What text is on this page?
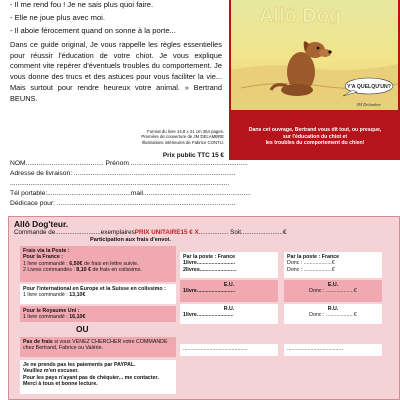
- Il me rend fou ! Je ne sais plus quoi faire.
- Elle ne joue plus avec moi.
- Il aboie férocement quand on sonne à la porte...
Dans ce guide original, Je vous rappelle les règles essentielles pour réussir l'éducation de votre chiot. Je vous explique comment vite repérer d'éventuels troubles du comportement. Je vous donne des trucs et des astuces pour vous faciliter la vie... Mais surtout pour rendre heureux votre animal. » Bertrand BEUNS.
Format du livre 14,8 x 21 cm 354 pages.
Première de couverture de JM DELAMBRE
Illustrations intérieures de Fabrice CONTU.
Prix public TTC 15 €
Allô Dog
Y'A QUELQU'UN?
JM Delambre
Dans cet ouvrage, Bertrand vous dit tout, ou presque,
sur l'éducation du chiot et
les troubles du comportement du chien!
NOM.......................................... Prénom ...............................................................
Adresse de livraison: .......................................................................................
......................................................................................................................
Tél portable:.............................................mail..........................................................
Dédicace pour: ................................................................................................
Allô Dog'teur.
Commande de..........................exemplairesPRIX UNITAIRE15 € X................. Soit........................€
Participation aux frais d'envoi.
Frais via la Poste :
Pour la France :
1 livre commandé : 6,50€ de frais en lettre suivie.
2 Livres commandés : 8,10 € de frais en colissimo.
Pour l'international en Europe et la Suisse en colissimo :
1 livre commandé : 13,10€
Pour le Royaume Uni :
1 livre commandé : 16,10€
OU
Pas de frais si vous VENEZ CHERCHER votre COMMANDE chez Bertrand, Fabrice ou Valérie.
Je ne prends pas les paiements par PAYPAL.
Veuillez m'en excuser.
Pour les pays n'ayant pas de chéquier... me contacter.
Merci à tous et bonne lecture.
Par la poste : France
1livre..........................
2livres.........................
E.U.
1livre..........................
R.U.
1livre.........................
............................................
Par la poste : France
Donc : ...................€
Donc : ...................€
E.U.
Donc : ...................€
R.U.
Donc : ...................€
......................................
